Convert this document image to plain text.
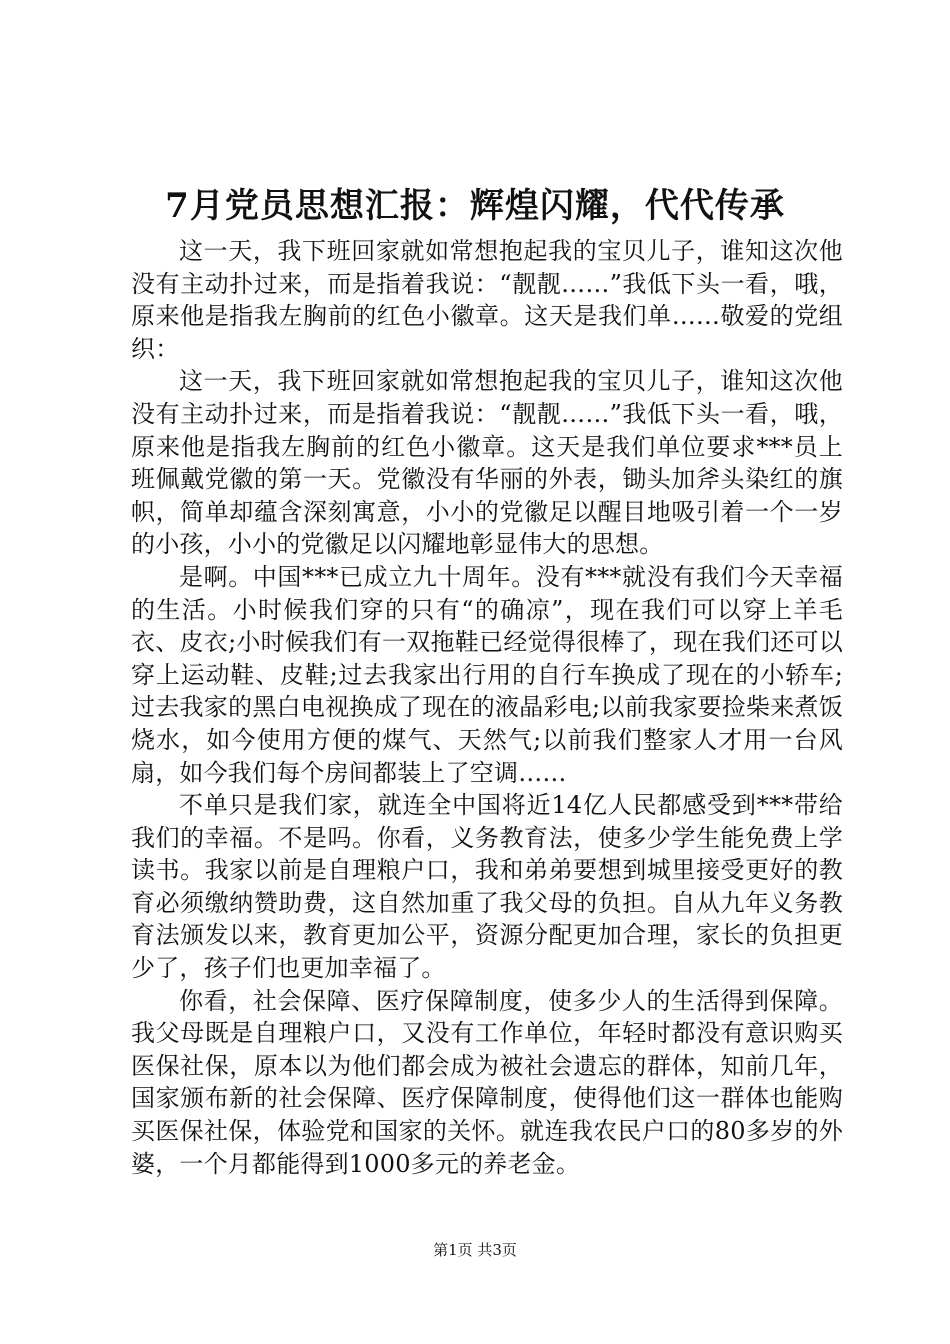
7月党员思想汇报：辉煌闪耀，代代传承

这一天，我下班回家就如常想抱起我的宝贝儿子，谁知这次他没有主动扑过来，而是指着我说：“靓靓……”我低下头一看，哦，原来他是指我左胸前的红色小徽章。这天是我们单……敬爱的党组织：

这一天，我下班回家就如常想抱起我的宝贝儿子，谁知这次他没有主动扑过来，而是指着我说：“靓靓……”我低下头一看，哦，原来他是指我左胸前的红色小徽章。这天是我们单位要求***员上班佩戴党徽的第一天。党徽没有华丽的外表，锄头加斧头染红的旗帜，简单却蕴含深刻寓意，小小的党徽足以醒目地吸引着一个一岁的小孩，小小的党徽足以闪耀地彰显伟大的思想。

是啊。中国***已成立九十周年。没有***就没有我们今天幸福的生活。小时候我们穿的只有“的确凉”，现在我们可以穿上羊毛衣、皮衣;小时候我们有一双拖鞋已经觉得很棒了，现在我们还可以穿上运动鞋、皮鞋;过去我家出行用的自行车换成了现在的小轿车;过去我家的黑白电视换成了现在的液晶彩电;以前我家要捡柴来煮饭烧水，如今使用方便的煤气、天然气;以前我们整家人才用一台风扇，如今我们每个房间都装上了空调……

不单只是我们家，就连全中国将近14亿人民都感受到***带给我们的幸福。不是吗。你看，义务教育法，使多少学生能免费上学读书。我家以前是自理粮户口，我和弟弟要想到城里接受更好的教育必须缴纳赞助费，这自然加重了我父母的负担。自从九年义务教育法颁发以来，教育更加公平，资源分配更加合理，家长的负担更少了，孩子们也更加幸福了。

你看，社会保障、医疗保障制度，使多少人的生活得到保障。我父母既是自理粮户口，又没有工作单位，年轻时都没有意识购买医保社保，原本以为他们都会成为被社会遗忘的群体，知前几年，国家颁布新的社会保障、医疗保障制度，使得他们这一群体也能购买医保社保，体验党和国家的关怀。就连我农民户口的80多岁的外婆，一个月都能得到1000多元的养老金。

第1页 共3页
